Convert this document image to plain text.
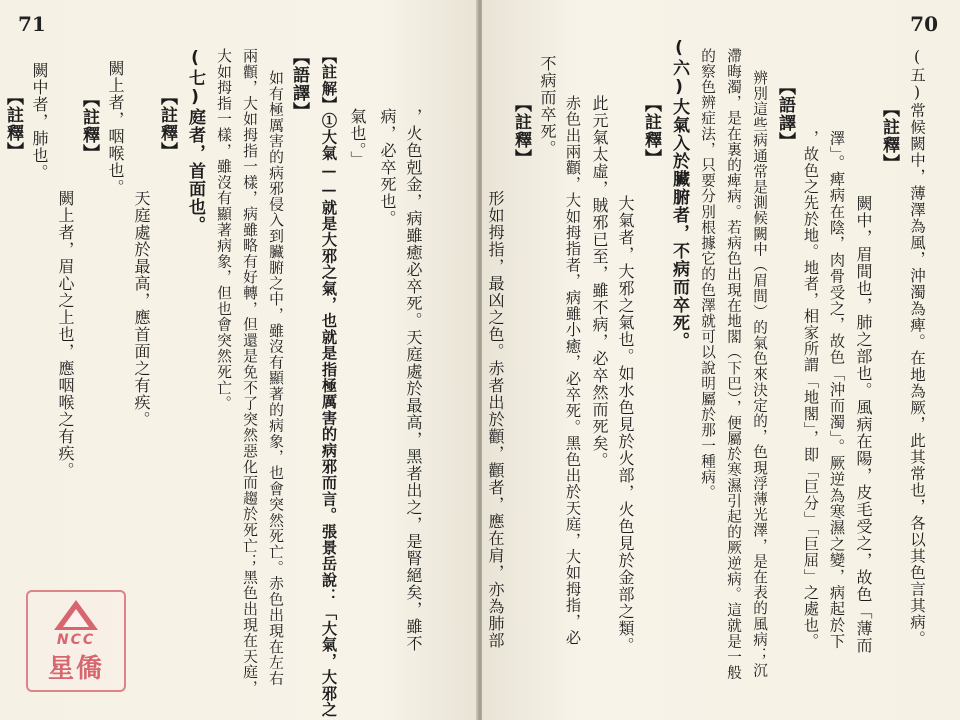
71
，火色剋金，病雖癒必卒死。天庭處於最高，黑者出之，是腎絕矣，雖不
病，必卒死也。
氣也。」
【註解】①大氣——就是大邪之氣，也就是指極厲害的病邪而言。張景岳說：「大氣，大邪之
【語譯】
如有極厲害的病邪侵入到臟腑之中，雖沒有顯著的病象，也會突然死亡。赤色出現在左右
兩顴，大如拇指一樣，病雖略有好轉，但還是免不了突然惡化而趨於死亡；黑色出現在天庭，
大如拇指一樣，雖沒有顯著病象，但也會突然死亡。
(七)庭者，首面也。
【註釋】
天庭處於最高，應首面之有疾。
闕上者，咽喉也。
【註釋】
闕上者，眉心之上也，應咽喉之有疾。
闕中者，肺也。
【註釋】
NCC
星僑
70
(五)常候闕中，薄澤為風，沖濁為痺。在地為厥，此其常也，各以其色言其病。
【註釋】
闕中，眉間也，肺之部也。風病在陽，皮毛受之，故色「薄而
澤」。痺病在陰，肉骨受之，故色「沖而濁」。厥逆為寒濕之變，病起於下
，故色之先於地。地者，相家所謂「地閣」，即「巨分」「巨屈」之處也。
【語譯】
辨別這些病通常是測候闕中（眉間）的氣色來決定的，色現浮薄光澤，是在表的風病；沉
滯晦濁，是在裏的痺病。若病色出現在地閣（下巴），便屬於寒濕引起的厥逆病。這就是一般
的察色辨症法，只要分別根據它的色澤就可以說明屬於那一種病。
(六)大氣入於臟腑者，不病而卒死。
【註釋】
大氣者，大邪之氣也。如水色見於火部，火色見於金部之類。
此元氣太虛，賊邪已至，雖不病，必卒然而死矣。
赤色出兩顴，大如拇指者，病雖小癒，必卒死。黑色出於天庭，大如拇指，必
不病而卒死。
【註釋】
形如拇指，最凶之色。赤者出於顴，顴者，應在肩，亦為肺部
